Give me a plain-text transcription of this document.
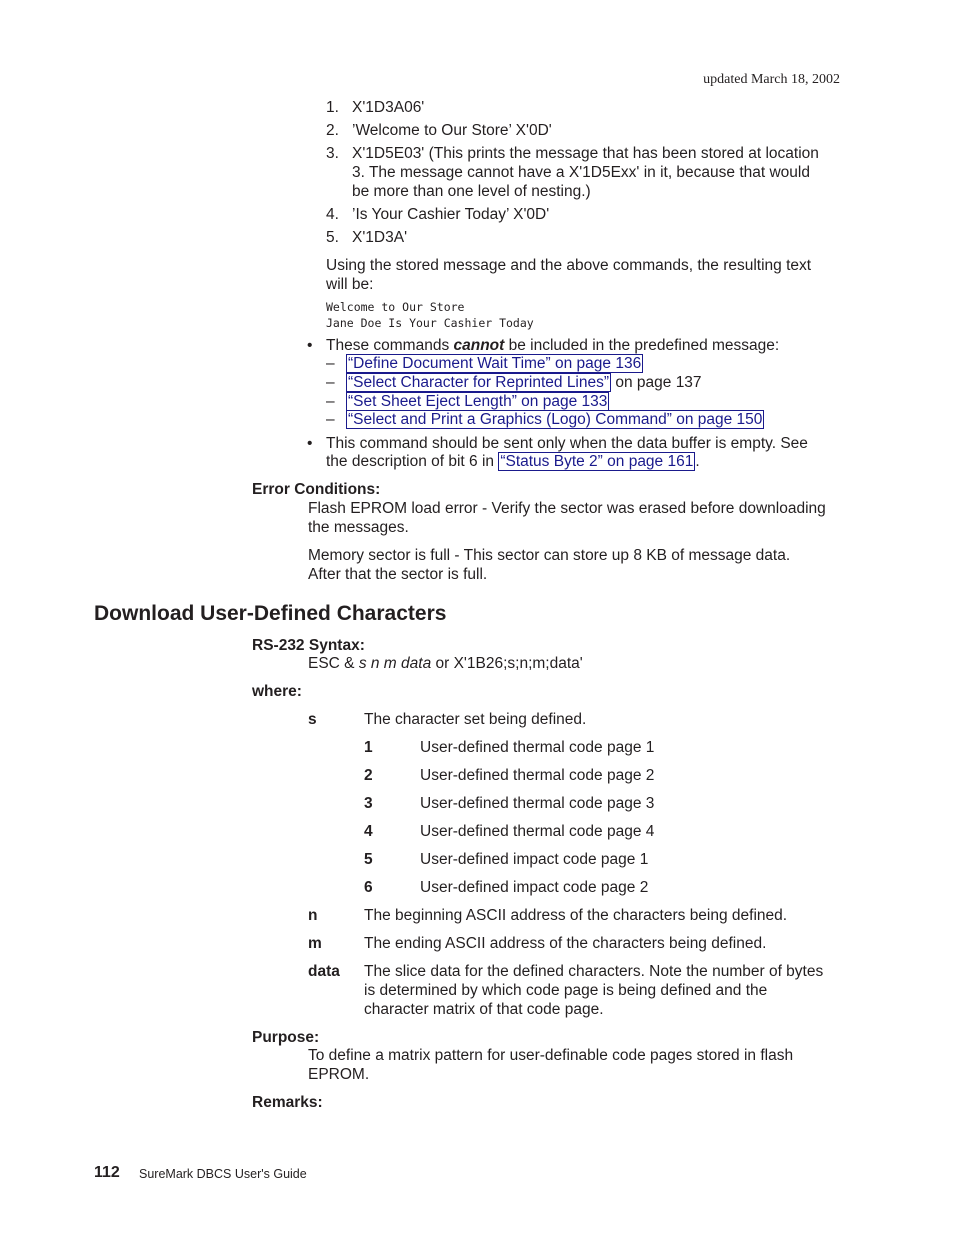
updated March 18, 2002
1. X'1D3A06'
2. ’Welcome to Our Store’ X'0D'
3. X'1D5E03' (This prints the message that has been stored at location
3. The message cannot have a X'1D5Exx' in it, because that would
be more than one level of nesting.)
4. ’Is Your Cashier Today’ X'0D'
5. X'1D3A'
Using the stored message and the above commands, the resulting text
will be:
Welcome to Our Store
Jane Doe Is Your Cashier Today
• These commands cannot be included in the predefined message:
– “Define Document Wait Time” on page 136
– “Select Character for Reprinted Lines” on page 137
– “Set Sheet Eject Length” on page 133
– “Select and Print a Graphics (Logo) Command” on page 150
• This command should be sent only when the data buffer is empty. See
the description of bit 6 in “Status Byte 2” on page 161 .
Error Conditions:
Flash EPROM load error - Verify the sector was erased before downloading
the messages.
Memory sector is full - This sector can store up 8 KB of message data.
After that the sector is full.
Download User-Defined Characters
RS-232 Syntax:
ESC & s n m data or X'1B26;s;n;m;data'
where:
s	The character set being defined.
1	User-defined thermal code page 1
2	User-defined thermal code page 2
3	User-defined thermal code page 3
4	User-defined thermal code page 4
5	User-defined impact code page 1
6	User-defined impact code page 2
n	The beginning ASCII address of the characters being defined.
m	The ending ASCII address of the characters being defined.
data The slice data for the defined characters. Note the number of bytes
is determined by which code page is being defined and the
character matrix of that code page.
Purpose:
To define a matrix pattern for user-definable code pages stored in flash
EPROM.
Remarks:
112 SureMark DBCS User's Guide
